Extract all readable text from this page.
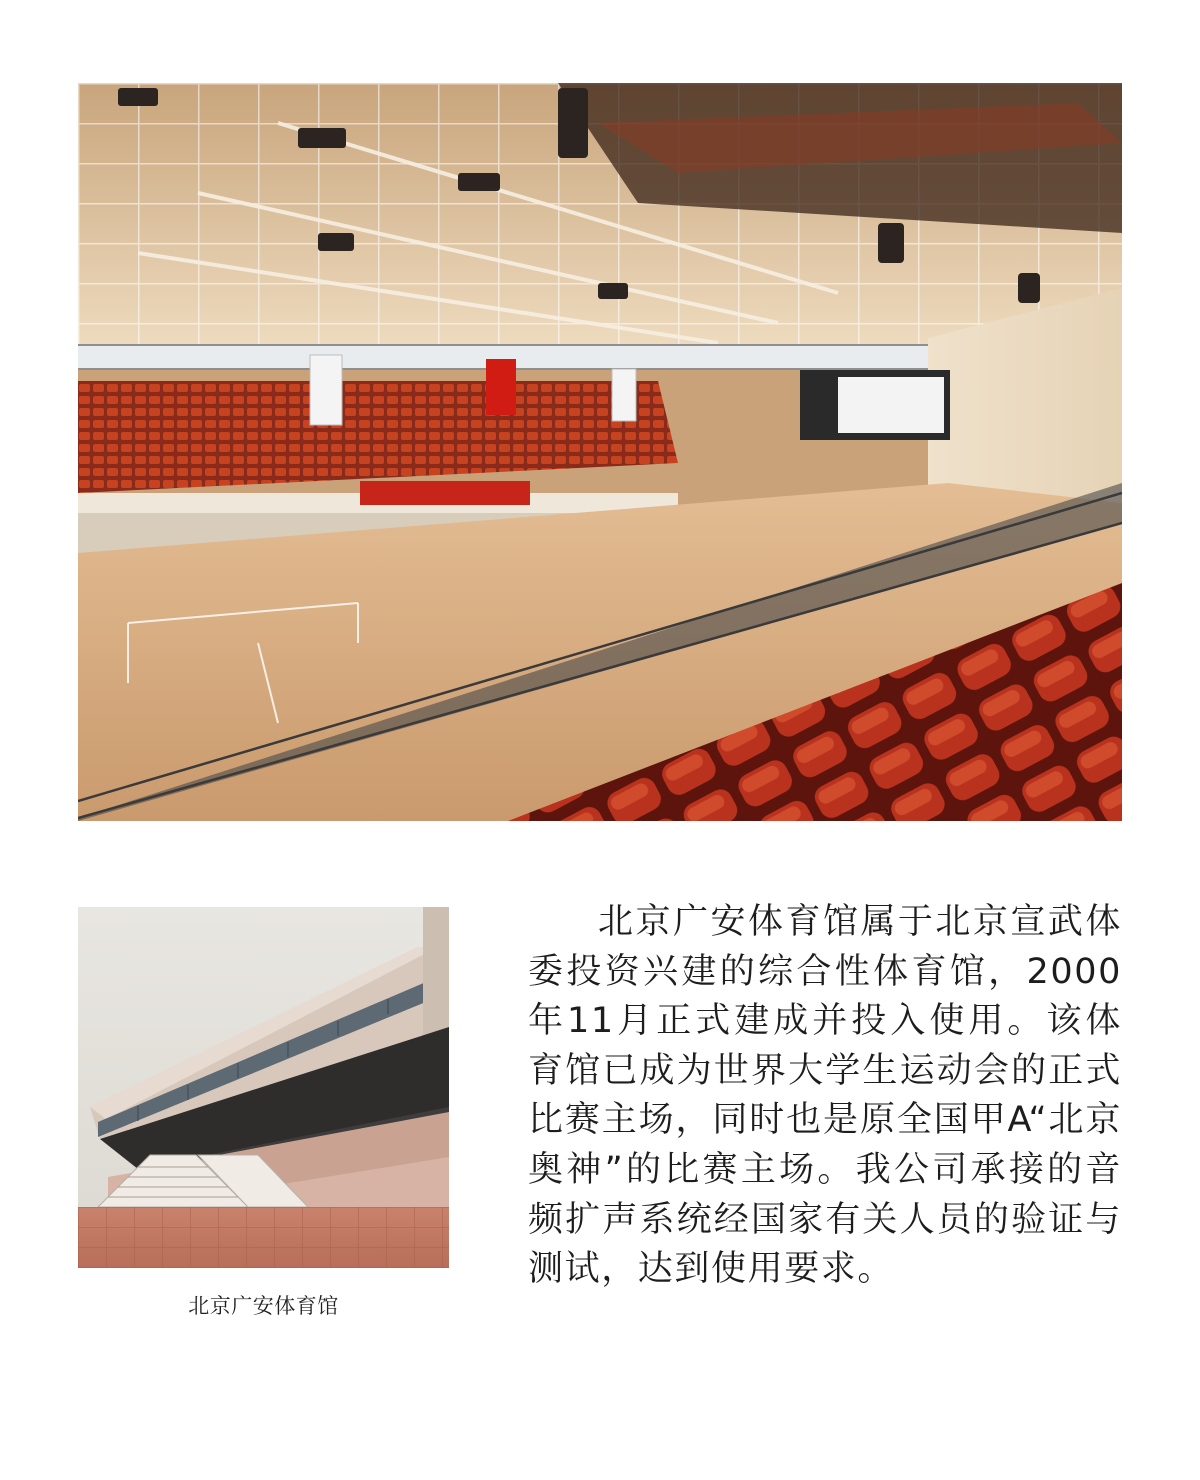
北京广安体育馆

北京广安体育馆属于北京宣武体委投资兴建的综合性体育馆，2000年11月正式建成并投入使用。该体育馆已成为世界大学生运动会的正式比赛主场，同时也是原全国甲A“北京奥神”的比赛主场。我公司承接的音频扩声系统经国家有关人员的验证与测试，达到使用要求。
